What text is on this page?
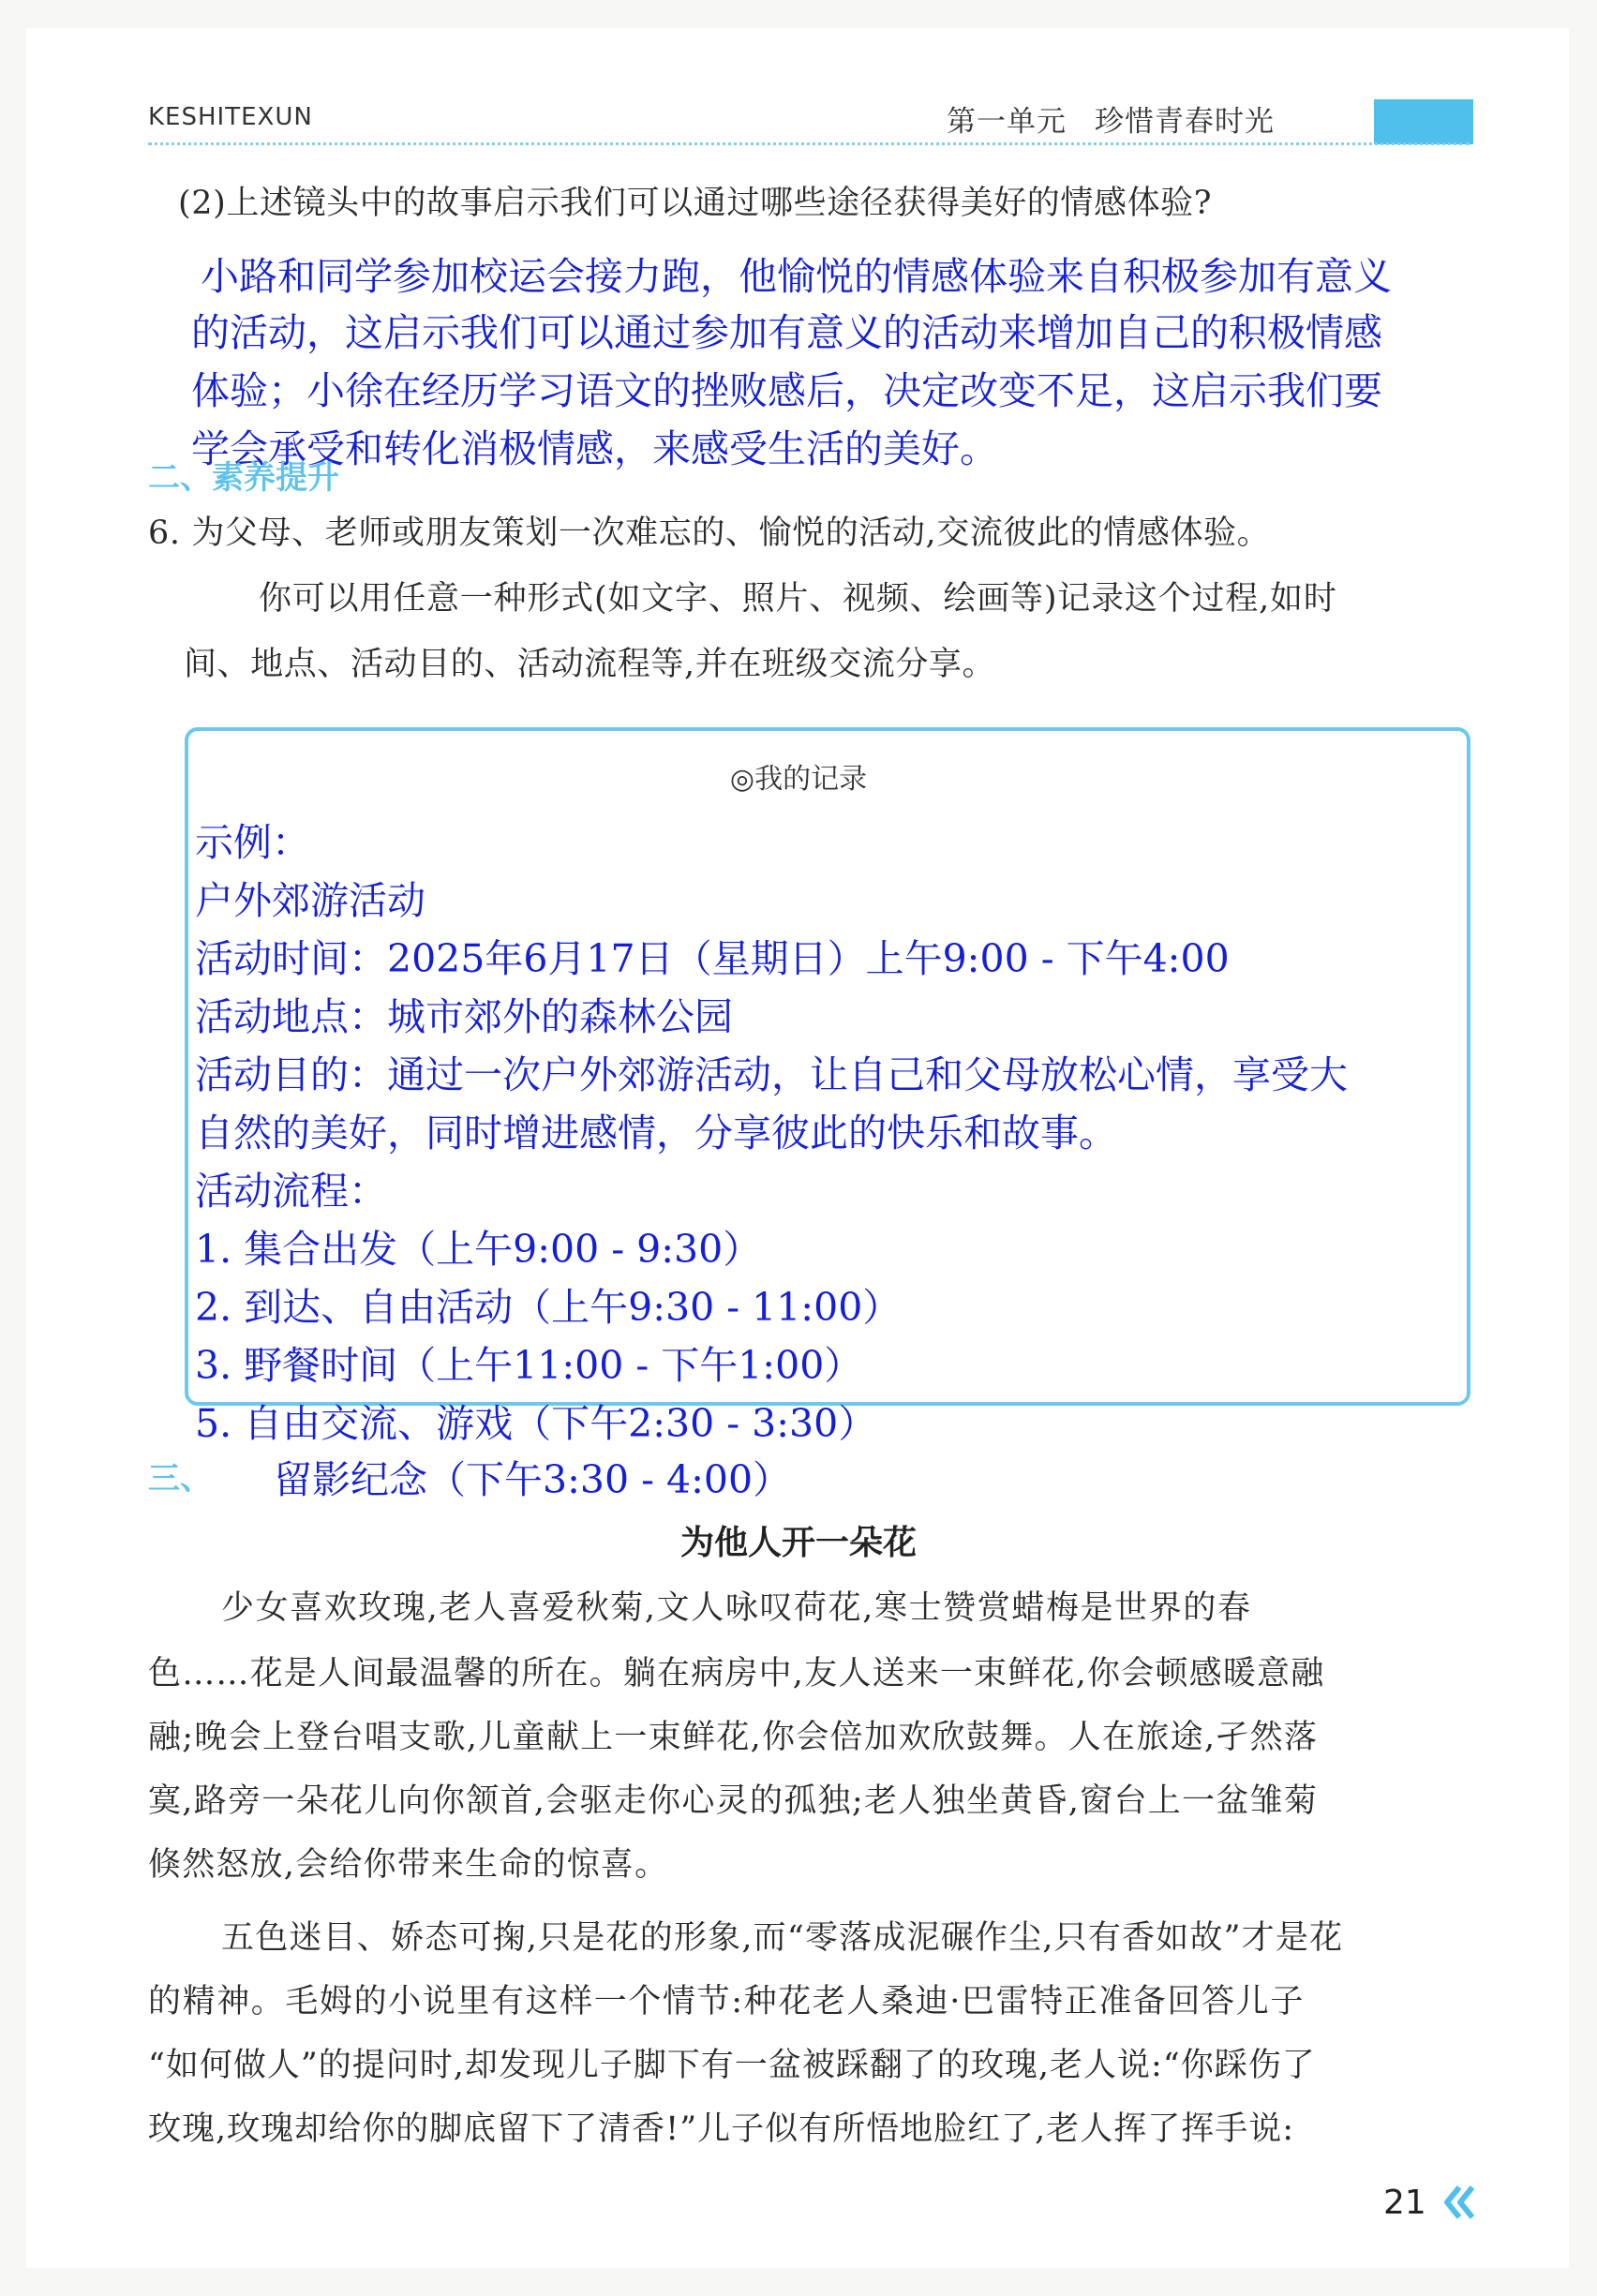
KESHITEXUN	第一单元 珍惜青春时光
(2)上述镜头中的故事启示我们可以通过哪些途径获得美好的情感体验?
小路和同学参加校运会接力跑，他愉悦的情感体验来自积极参加有意义
的活动，这启示我们可以通过参加有意义的活动来增加自己的积极情感
体验；小徐在经历学习语文的挫败感后，决定改变不足，这启示我们要
学会承受和转化消极情感，来感受生活的美好。
二、素养提升
6. 为父母、老师或朋友策划一次难忘的、愉悦的活动,交流彼此的情感体验。
你可以用任意一种形式(如文字、照片、视频、绘画等)记录这个过程,如时
间、地点、活动目的、活动流程等,并在班级交流分享。
◎我的记录
示例：
户外郊游活动
活动时间：2025年6月17日（星期日）上午9:00 - 下午4:00
活动地点：城市郊外的森林公园
活动目的：通过一次户外郊游活动，让自己和父母放松心情，享受大
自然的美好，同时增进感情，分享彼此的快乐和故事。
活动流程：
1. 集合出发（上午9:00 - 9:30）
2. 到达、自由活动（上午9:30 - 11:00）
3. 野餐时间（上午11:00 - 下午1:00）
5. 自由交流、游戏（下午2:30 - 3:30）
三、 留影纪念（下午3:30 - 4:00）
为他人开一朵花
少女喜欢玫瑰,老人喜爱秋菊,文人咏叹荷花,寒士赞赏蜡梅是世界的春
色……花是人间最温馨的所在。躺在病房中,友人送来一束鲜花,你会顿感暖意融
融;晚会上登台唱支歌,儿童献上一束鲜花,你会倍加欢欣鼓舞。人在旅途,孑然落
寞,路旁一朵花儿向你颔首,会驱走你心灵的孤独;老人独坐黄昏,窗台上一盆雏菊
倏然怒放,会给你带来生命的惊喜。
五色迷目、娇态可掬,只是花的形象,而“零落成泥碾作尘,只有香如故”才是花
的精神。毛姆的小说里有这样一个情节:种花老人桑迪·巴雷特正准备回答儿子
“如何做人”的提问时,却发现儿子脚下有一盆被踩翻了的玫瑰,老人说:“你踩伤了
玫瑰,玫瑰却给你的脚底留下了清香!”儿子似有所悟地脸红了,老人挥了挥手说:
21
